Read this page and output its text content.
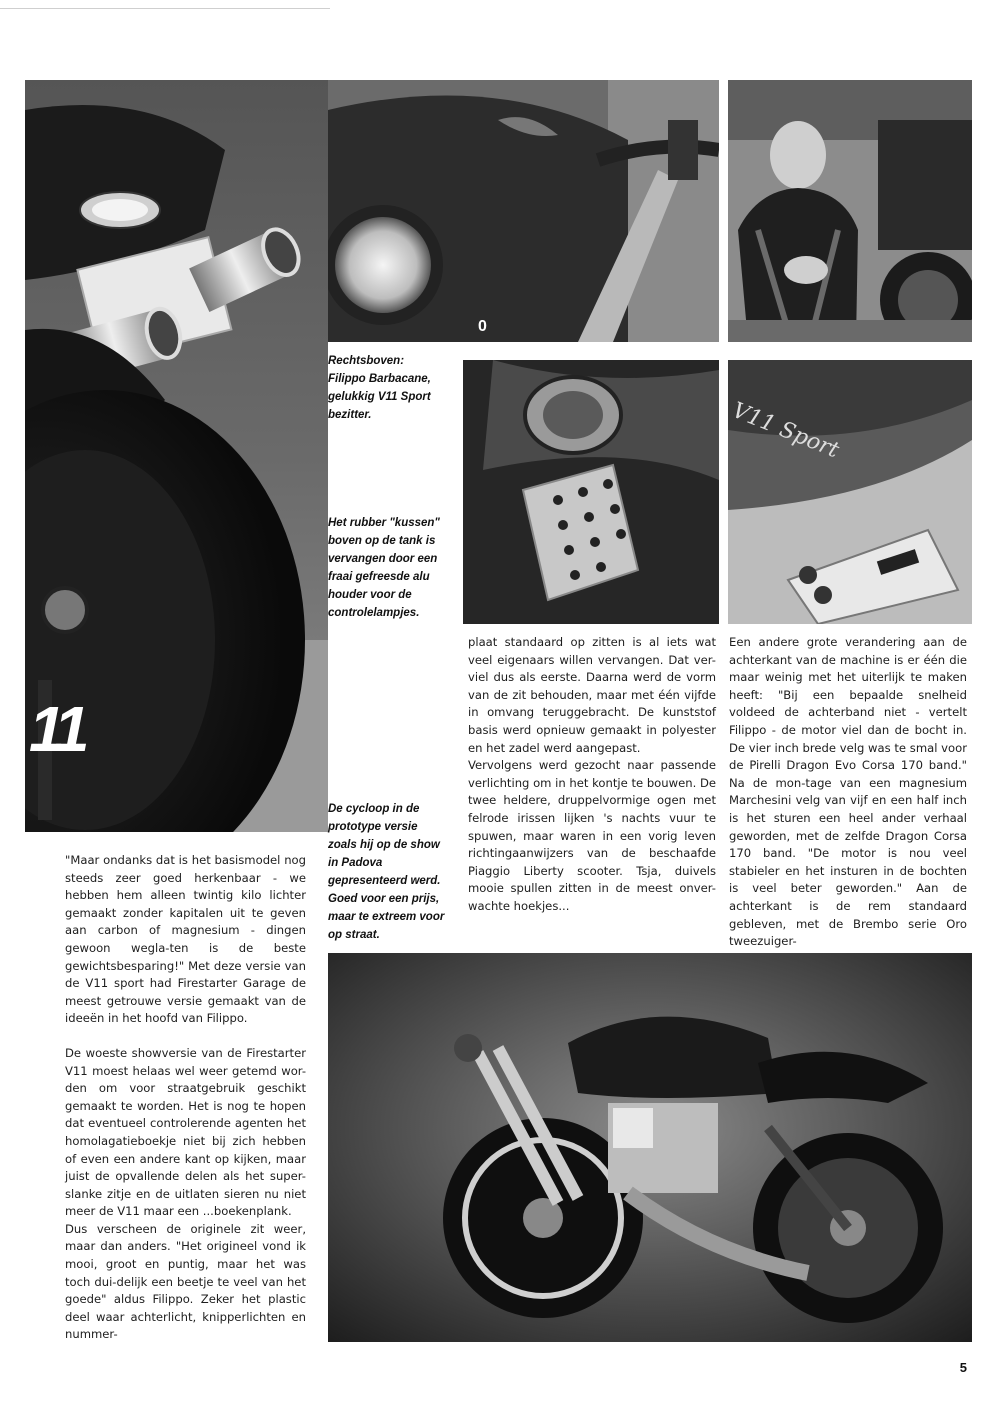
11
0
V11 Sport
Rechtsboven: Filippo Barbacane, gelukkig V11 Sport bezitter.
Het rubber "kussen" boven op de tank is vervangen door een fraai gefreesde alu houder voor de controlelampjes.
De cycloop in de prototype versie zoals hij op de show in Padova gepresenteerd werd. Goed voor een prijs, maar te extreem voor op straat.

"Maar ondanks dat is het basismodel nog steeds zeer goed herkenbaar - we hebben hem alleen twintig kilo lichter gemaakt zonder kapitalen uit te geven aan carbon of magnesium - dingen gewoon wegla-ten is de beste gewichtsbesparing!" Met deze versie van de V11 sport had Firestarter Garage de meest getrouwe versie gemaakt van de ideeën in het hoofd van Filippo.

De woeste showversie van de Firestarter V11 moest helaas wel weer getemd wor-den om voor straatgebruik geschikt gemaakt te worden. Het is nog te hopen dat eventueel controlerende agenten het homolagatieboekje niet bij zich hebben of even een andere kant op kijken, maar juist de opvallende delen als het super-slanke zitje en de uitlaten sieren nu niet meer de V11 maar een ...boekenplank.

Dus verscheen de originele zit weer, maar dan anders. "Het origineel vond ik mooi, groot en puntig, maar het was toch dui-delijk een beetje te veel van het goede" aldus Filippo. Zeker het plastic deel waar achterlicht, knipperlichten en nummer-

plaat standaard op zitten is al iets wat veel eigenaars willen vervangen. Dat ver-viel dus als eerste. Daarna werd de vorm van de zit behouden, maar met één vijfde in omvang teruggebracht. De kunststof basis werd opnieuw gemaakt in polyester en het zadel werd aangepast.

Vervolgens werd gezocht naar passende verlichting om in het kontje te bouwen. De twee heldere, druppelvormige ogen met felrode irissen lijken 's nachts vuur te spuwen, maar waren in een vorig leven richtingaanwijzers van de beschaafde Piaggio Liberty scooter. Tsja, duivels mooie spullen zitten in de meest onver-wachte hoekjes...

Een andere grote verandering aan de achterkant van de machine is er één die maar weinig met het uiterlijk te maken heeft: "Bij een bepaalde snelheid voldeed de achterband niet - vertelt Filippo - de motor viel dan de bocht in. De vier inch brede velg was te smal voor de Pirelli Dragon Evo Corsa 170 band." Na de mon-tage van een magnesium Marchesini velg van vijf en een half inch is het sturen een heel ander verhaal geworden, met de zelfde Dragon Corsa 170 band. "De motor is nou veel stabieler en het insturen in de bochten is veel beter geworden." Aan de achterkant is de rem standaard gebleven, met de Brembo serie Oro tweezuiger-

5
